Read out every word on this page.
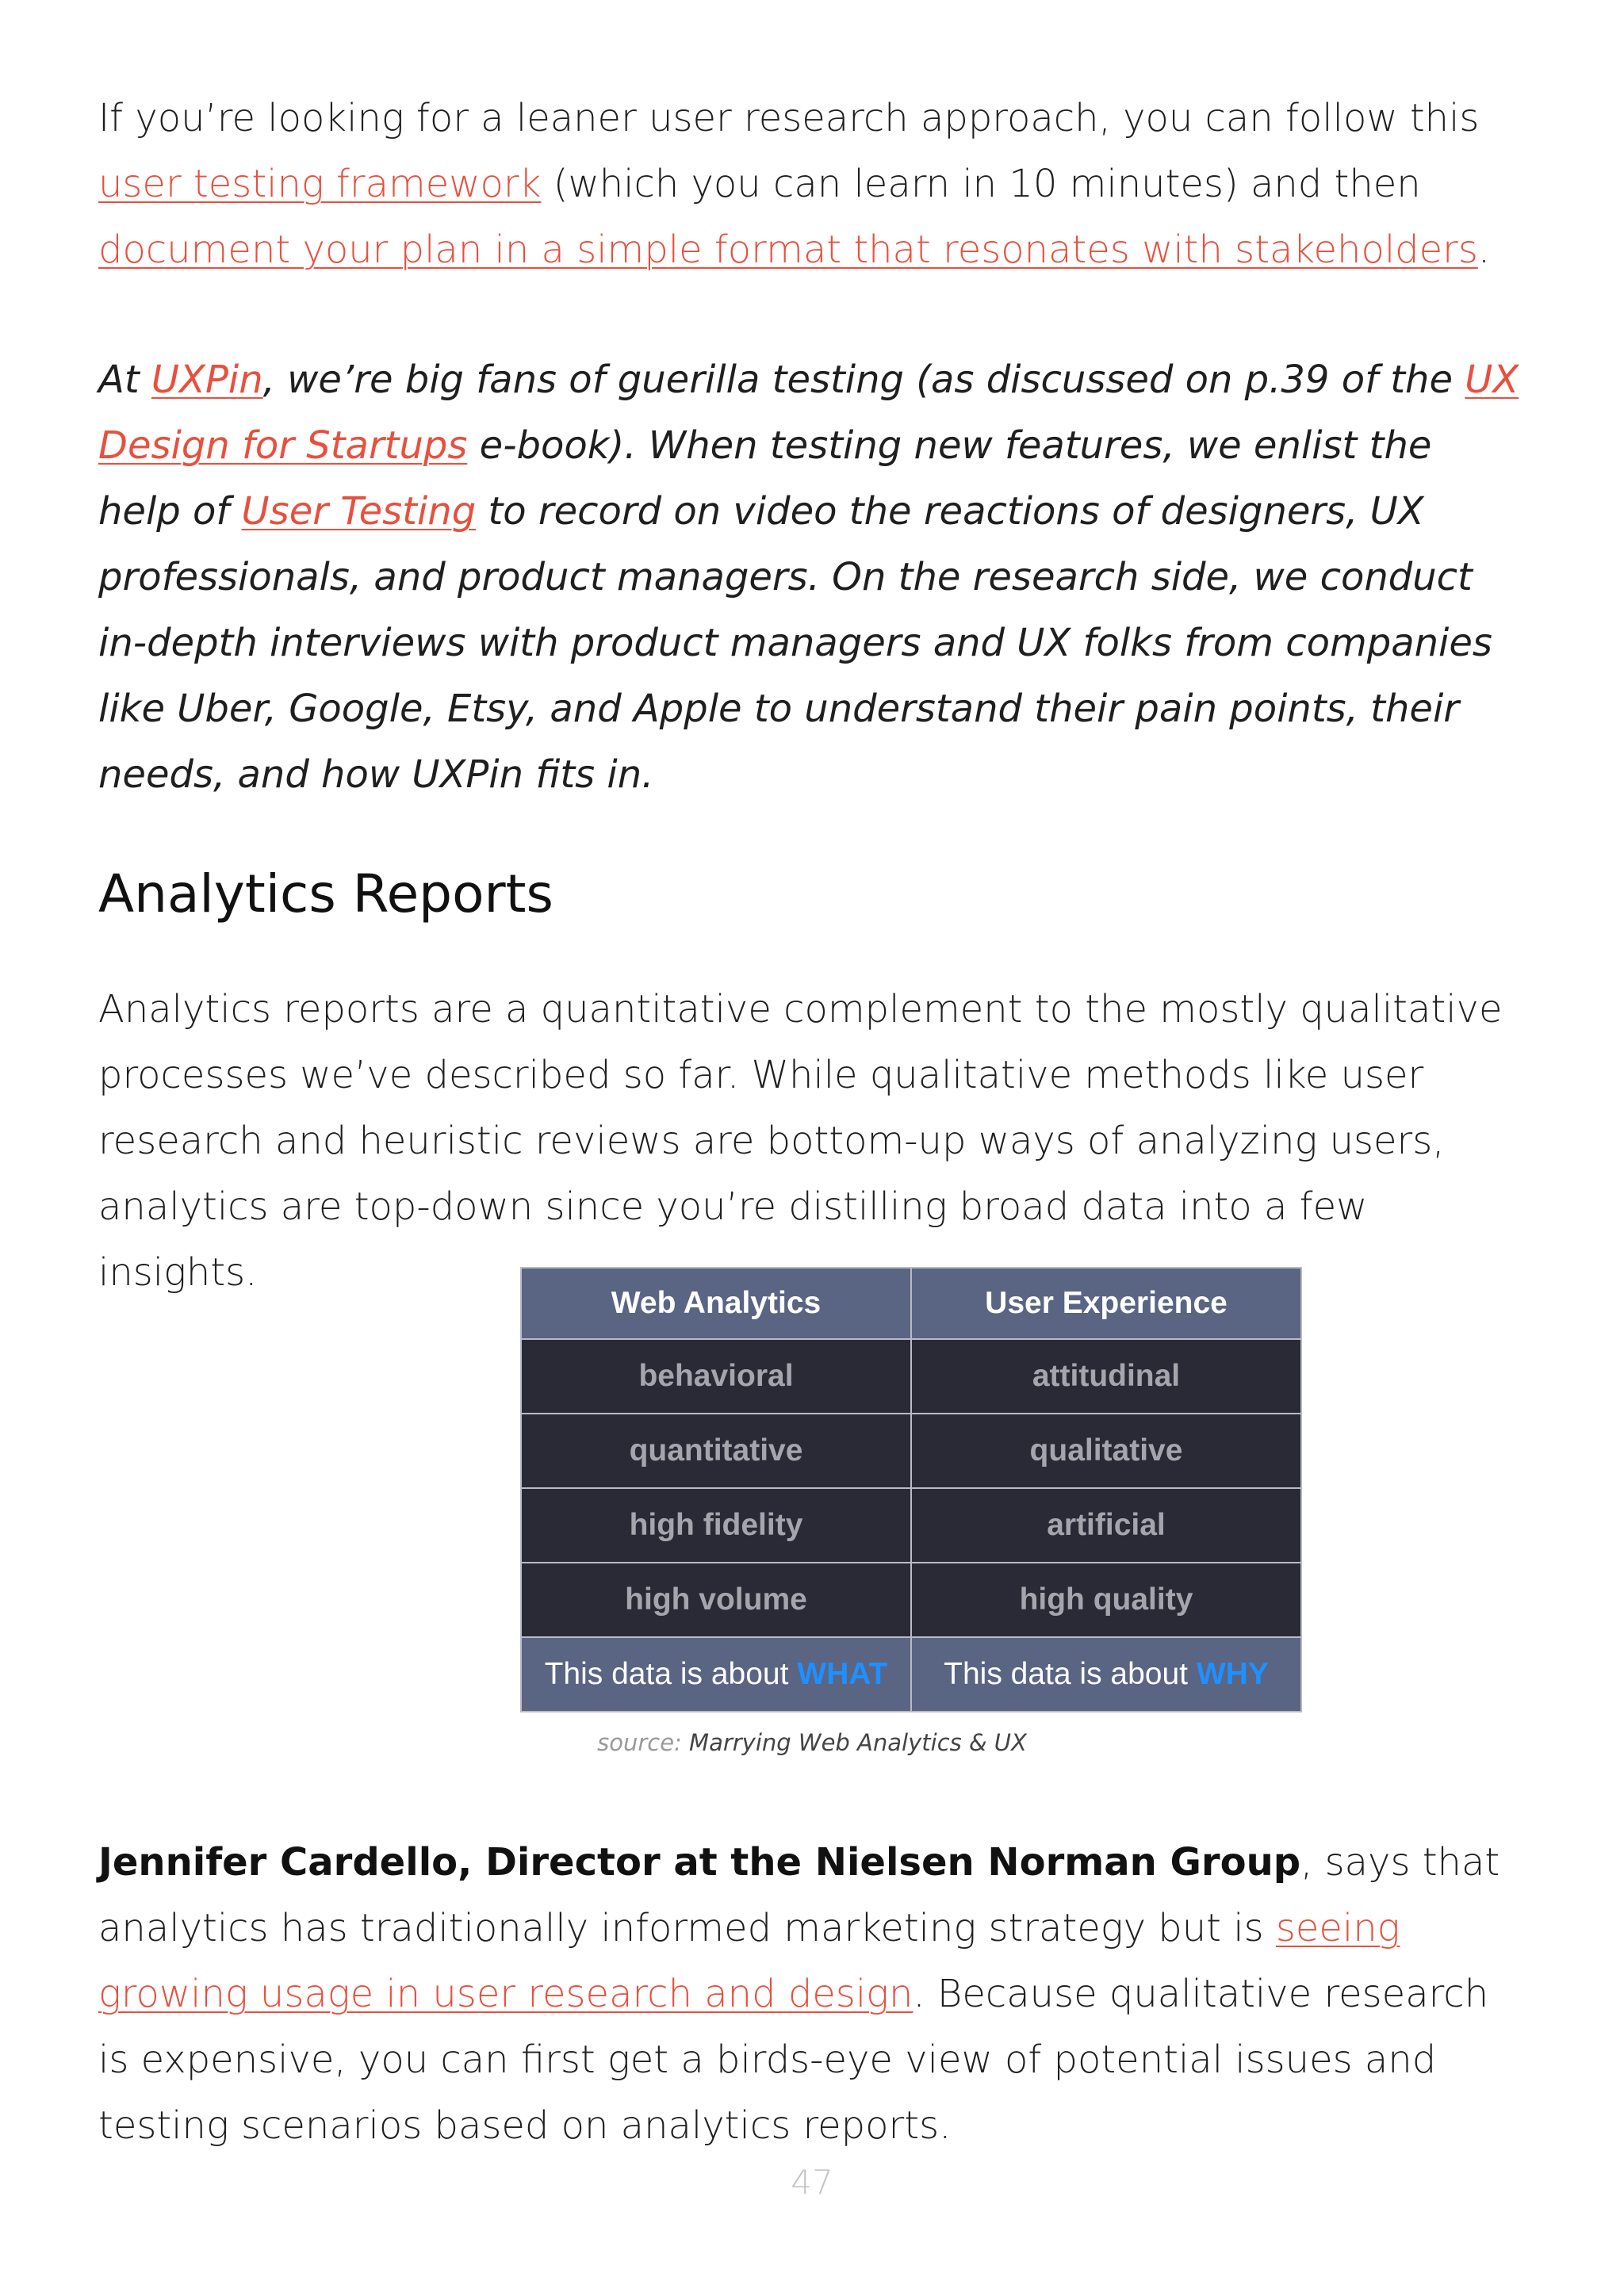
If you’re looking for a leaner user research approach, you can follow this user testing framework (which you can learn in 10 minutes) and then document your plan in a simple format that resonates with stakeholders.

At UXPin, we’re big fans of guerilla testing (as discussed on p.39 of the UX Design for Startups e-book). When testing new features, we enlist the help of User Testing to record on video the reactions of designers, UX professionals, and product managers. On the research side, we conduct in-depth interviews with product managers and UX folks from companies like Uber, Google, Etsy, and Apple to understand their pain points, their needs, and how UXPin fits in.

Analytics Reports

Analytics reports are a quantitative complement to the mostly qualitative processes we’ve described so far. While qualitative methods like user research and heuristic reviews are bottom-up ways of analyzing users, analytics are top-down since you’re distilling broad data into a few insights.

Web Analytics	User Experience
behavioral	attitudinal
quantitative	qualitative
high fidelity	artificial
high volume	high quality
This data is about WHAT	This data is about WHY
source: Marrying Web Analytics & UX

Jennifer Cardello, Director at the Nielsen Norman Group, says that analytics has traditionally informed marketing strategy but is seeing growing usage in user research and design. Because qualitative research is expensive, you can first get a birds-eye view of potential issues and testing scenarios based on analytics reports.

47
